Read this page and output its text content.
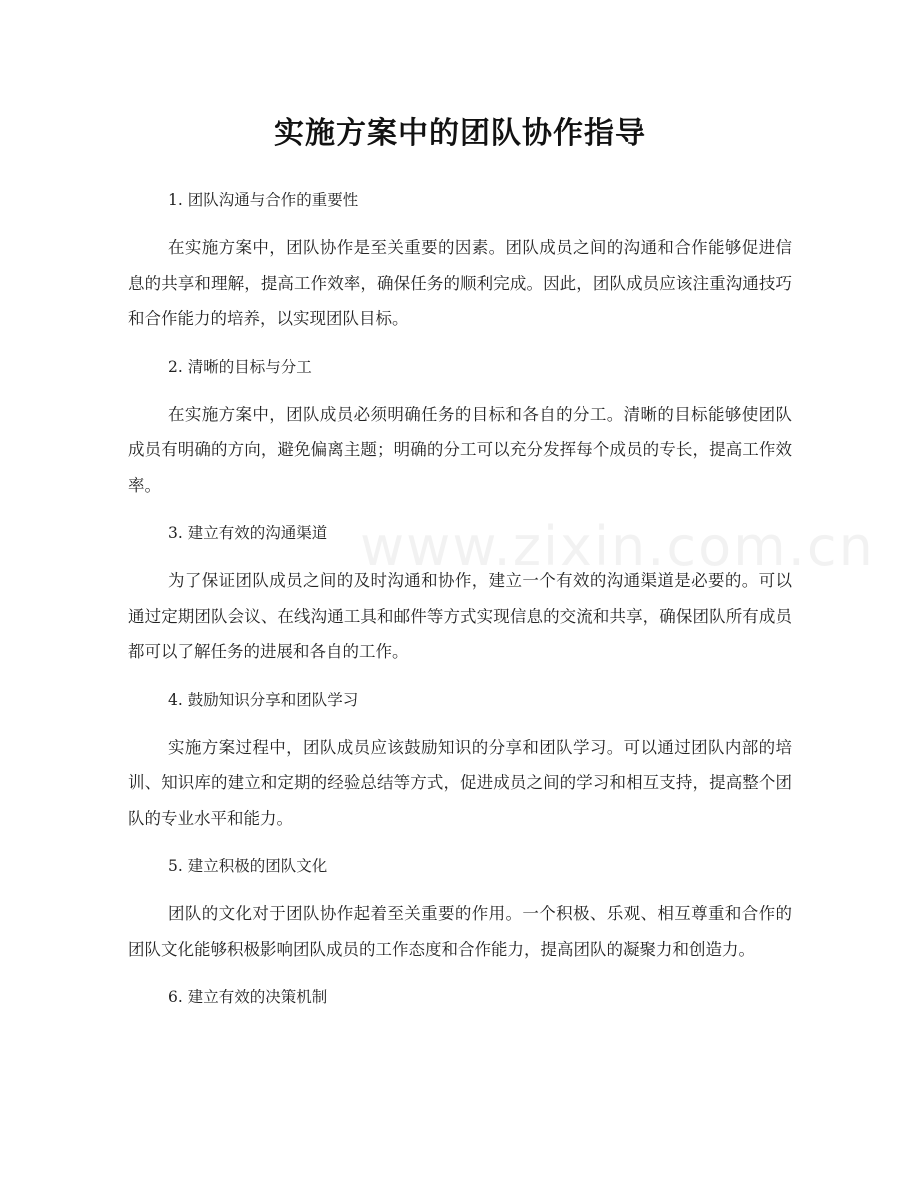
www.zixin.com.cn
实施方案中的团队协作指导
1. 团队沟通与合作的重要性
在实施方案中，团队协作是至关重要的因素。团队成员之间的沟通和合作能够促进信息的共享和理解，提高工作效率，确保任务的顺利完成。因此，团队成员应该注重沟通技巧和合作能力的培养，以实现团队目标。
2. 清晰的目标与分工
在实施方案中，团队成员必须明确任务的目标和各自的分工。清晰的目标能够使团队成员有明确的方向，避免偏离主题；明确的分工可以充分发挥每个成员的专长，提高工作效率。
3. 建立有效的沟通渠道
为了保证团队成员之间的及时沟通和协作，建立一个有效的沟通渠道是必要的。可以通过定期团队会议、在线沟通工具和邮件等方式实现信息的交流和共享，确保团队所有成员都可以了解任务的进展和各自的工作。
4. 鼓励知识分享和团队学习
实施方案过程中，团队成员应该鼓励知识的分享和团队学习。可以通过团队内部的培训、知识库的建立和定期的经验总结等方式，促进成员之间的学习和相互支持，提高整个团队的专业水平和能力。
5. 建立积极的团队文化
团队的文化对于团队协作起着至关重要的作用。一个积极、乐观、相互尊重和合作的团队文化能够积极影响团队成员的工作态度和合作能力，提高团队的凝聚力和创造力。
6. 建立有效的决策机制
